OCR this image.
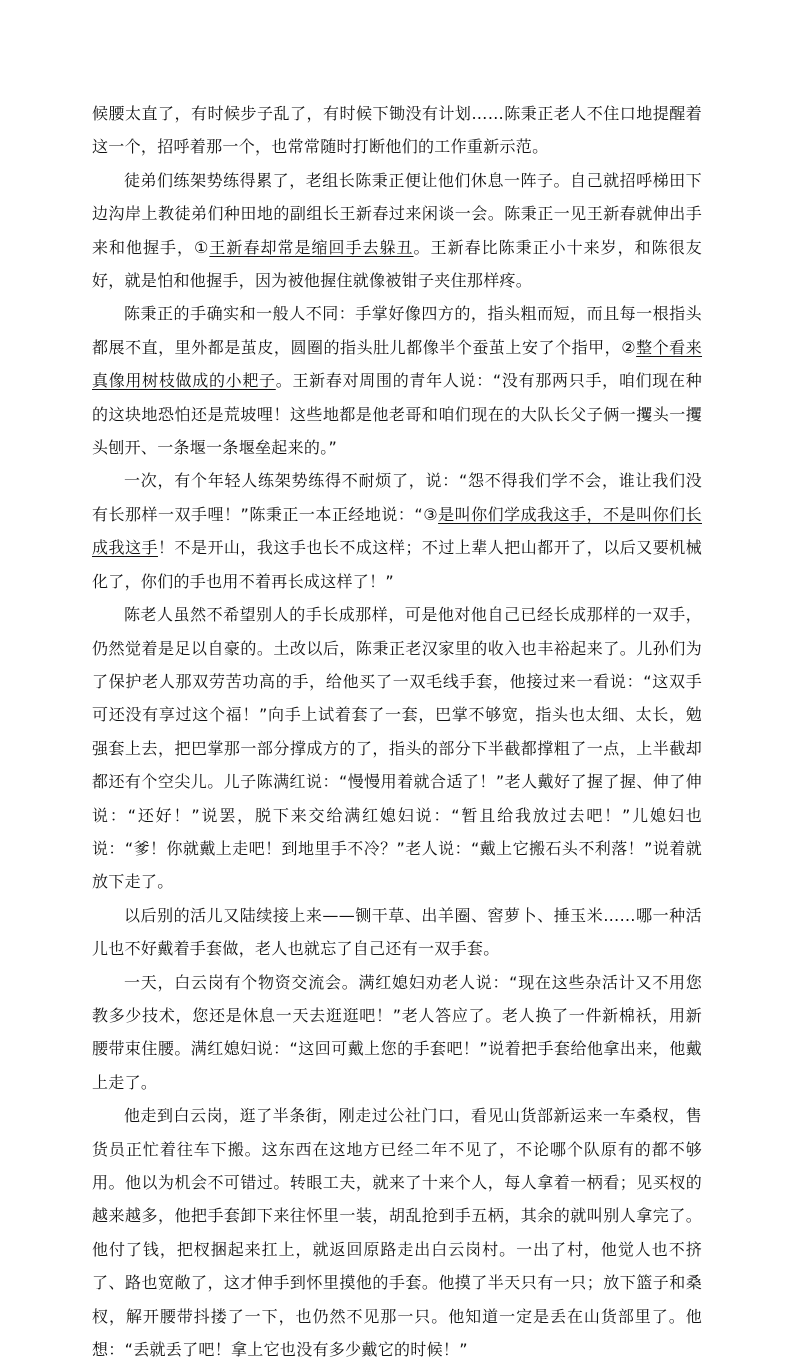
候腰太直了，有时候步子乱了，有时候下锄没有计划……陈秉正老人不住口地提醒着这一个，招呼着那一个，也常常随时打断他们的工作重新示范。

徒弟们练架势练得累了，老组长陈秉正便让他们休息一阵子。自己就招呼梯田下边沟岸上教徒弟们种田地的副组长王新春过来闲谈一会。陈秉正一见王新春就伸出手来和他握手，①王新春却常是缩回手去躲丑。王新春比陈秉正小十来岁，和陈很友好，就是怕和他握手，因为被他握住就像被钳子夹住那样疼。

陈秉正的手确实和一般人不同：手掌好像四方的，指头粗而短，而且每一根指头都展不直，里外都是茧皮，圆圈的指头肚儿都像半个蚕茧上安了个指甲，②整个看来真像用树枝做成的小耙子。王新春对周围的青年人说：“没有那两只手，咱们现在种的这块地恐怕还是荒坡哩！这些地都是他老哥和咱们现在的大队长父子俩一攫头一攫头刨开、一条堰一条堰垒起来的。”

一次，有个年轻人练架势练得不耐烦了，说：“怨不得我们学不会，谁让我们没有长那样一双手哩！”陈秉正一本正经地说：“③是叫你们学成我这手，不是叫你们长成我这手！不是开山，我这手也长不成这样；不过上辈人把山都开了，以后又要机械化了，你们的手也用不着再长成这样了！”

陈老人虽然不希望别人的手长成那样，可是他对他自己已经长成那样的一双手，仍然觉着是足以自豪的。土改以后，陈秉正老汉家里的收入也丰裕起来了。儿孙们为了保护老人那双劳苦功高的手，给他买了一双毛线手套，他接过来一看说：“这双手可还没有享过这个福！”向手上试着套了一套，巴掌不够宽，指头也太细、太长，勉强套上去，把巴掌那一部分撑成方的了，指头的部分下半截都撑粗了一点，上半截却都还有个空尖儿。儿子陈满红说：“慢慢用着就合适了！”老人戴好了握了握、伸了伸说：“还好！”说罢，脱下来交给满红媳妇说：“暂且给我放过去吧！”儿媳妇也说：“爹！你就戴上走吧！到地里手不冷？”老人说：“戴上它搬石头不利落！”说着就放下走了。

以后别的活儿又陆续接上来——铡干草、出羊圈、窖萝卜、捶玉米……哪一种活儿也不好戴着手套做，老人也就忘了自己还有一双手套。

一天，白云岗有个物资交流会。满红媳妇劝老人说：“现在这些杂活计又不用您教多少技术，您还是休息一天去逛逛吧！”老人答应了。老人换了一件新棉袄，用新腰带束住腰。满红媳妇说：“这回可戴上您的手套吧！”说着把手套给他拿出来，他戴上走了。

他走到白云岗，逛了半条街，刚走过公社门口，看见山货部新运来一车桑杈，售货员正忙着往车下搬。这东西在这地方已经二年不见了，不论哪个队原有的都不够用。他以为机会不可错过。转眼工夫，就来了十来个人，每人拿着一柄看；见买杈的越来越多，他把手套卸下来往怀里一装，胡乱抢到手五柄，其余的就叫别人拿完了。他付了钱，把杈捆起来扛上，就返回原路走出白云岗村。一出了村，他觉人也不挤了、路也宽敞了，这才伸手到怀里摸他的手套。他摸了半天只有一只；放下篮子和桑杈，解开腰带抖搂了一下，也仍然不见那一只。他知道一定是丢在山货部里了。他想：“丢就丢了吧！拿上它也没有多少戴它的时候！”
